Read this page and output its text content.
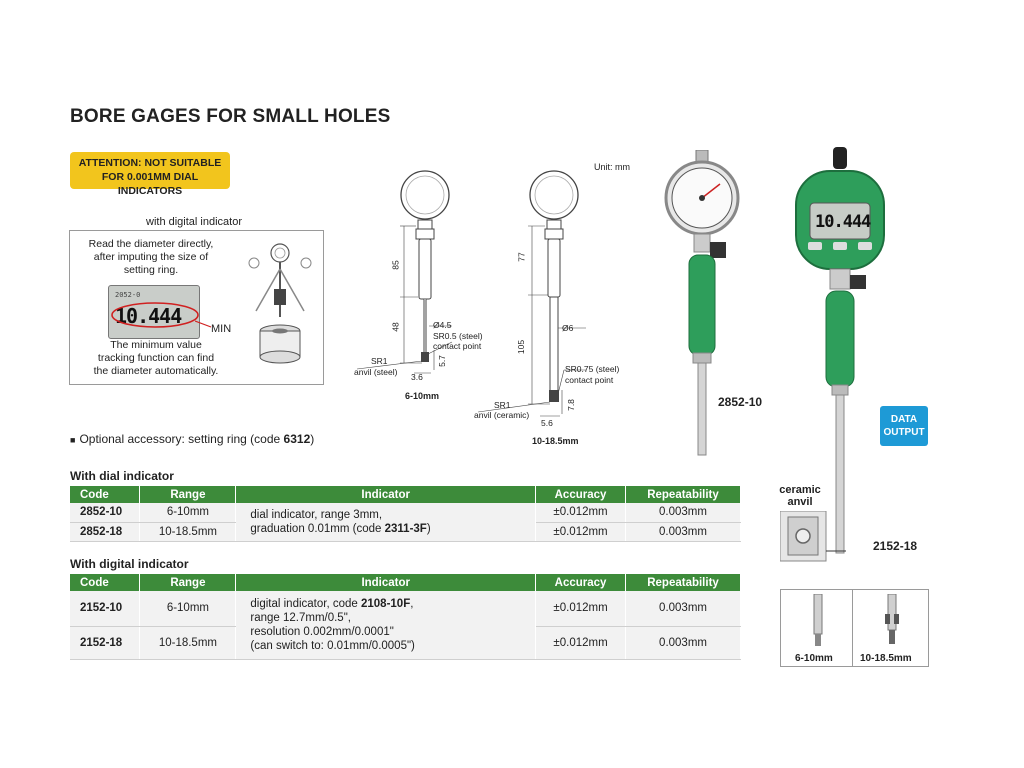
BORE GAGES FOR SMALL HOLES
ATTENTION: NOT SUITABLE
FOR 0.001MM DIAL INDICATORS
with digital indicator
Read the diameter directly,
after imputing the size of
setting ring.
2052-0
10.444
MIN
The minimum value
tracking function can find
the diameter automatically.
Unit: mm
85
48	Ø4.5
SR0.5 (steel)
contact point
SR1
anvil (steel) 3.6
5.7
6-10mm
77
105
Ø6
SR0.75 (steel)
contact point
SR1
anvil (ceramic)
5.6
7.8
10-18.5mm
2852-10
10.444
DATA
OUTPUT
ceramic
anvil
2152-18
6-10mm	10-18.5mm
■ Optional accessory: setting ring (code 6312)
With dial indicator
Code	Range	Indicator	Accuracy	Repeatability
2852-10	6-10mm	dial indicator, range 3mm,
graduation 0.01mm (code 2311-3F)	±0.012mm	0.003mm
2852-18	10-18.5mm		±0.012mm	0.003mm
With digital indicator
Code	Range	Indicator	Accuracy	Repeatability
2152-10	6-10mm	digital indicator, code 2108-10F,
range 12.7mm/0.5",
resolution 0.002mm/0.0001"
(can switch to: 0.01mm/0.0005")	±0.012mm	0.003mm
2152-18	10-18.5mm		±0.012mm	0.003mm
